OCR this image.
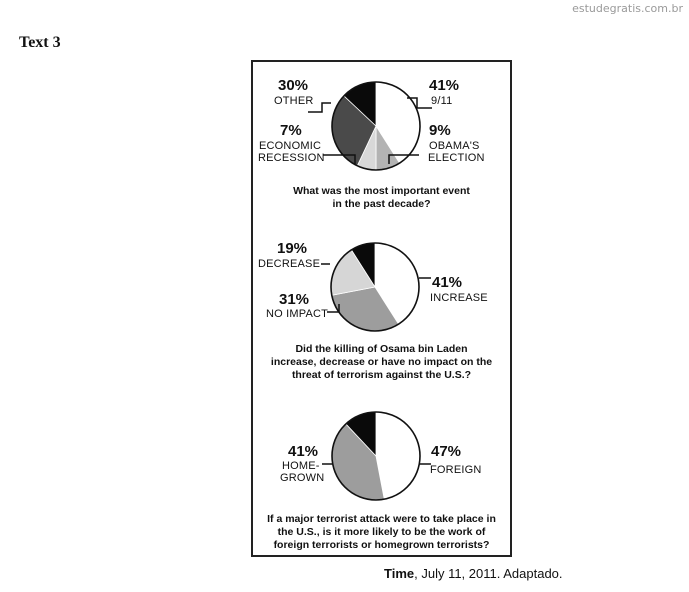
estudegratis.com.br
Text 3
30%
OTHER
41%
9/11
7%
ECONOMIC
RECESSION
9%
OBAMA'S
ELECTION
What was the most important event
in the past decade?
19%
DECREASE
41%
INCREASE
31%
NO IMPACT
Did the killing of Osama bin Laden
increase, decrease or have no impact on the
threat of terrorism against the U.S.?
41%
HOME-
GROWN
47%
FOREIGN
If a major terrorist attack were to take place in
the U.S., is it more likely to be the work of
foreign terrorists or homegrown terrorists?
Time, July 11, 2011. Adaptado.
